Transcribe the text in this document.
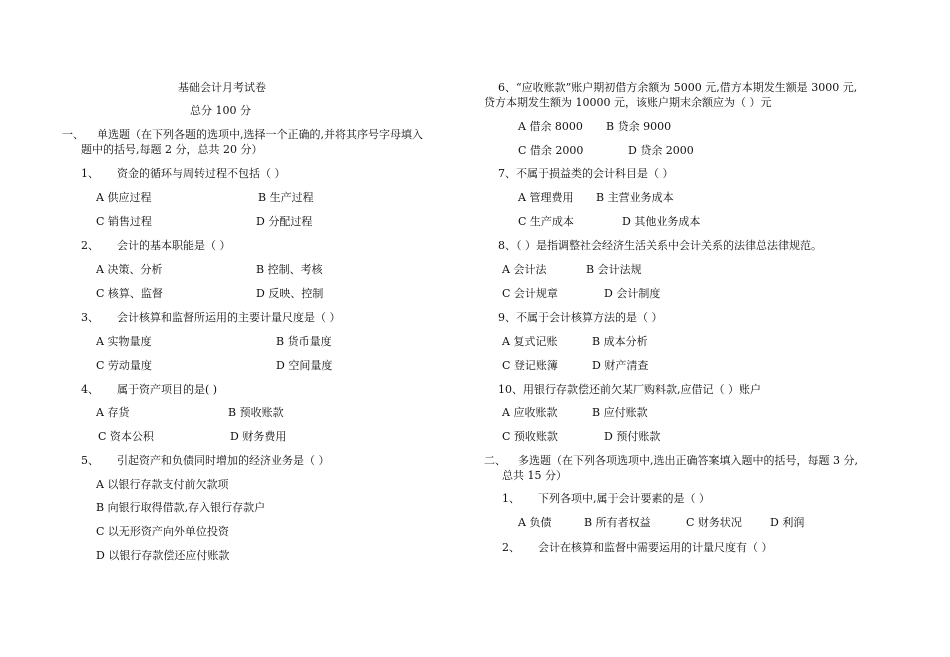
基础会计月考试卷
总分 100 分
一、 单选题（在下列各题的选项中,选择一个正确的,并将其序号字母填入
题中的括号,每题 2 分，总共 20 分）
1、 资金的循环与周转过程不包括（ ）
A 供应过程	B 生产过程
C 销售过程	D 分配过程
2、 会计的基本职能是（ ）
A 决策、分析	B 控制、考核
C 核算、监督	D 反映、控制
3、 会计核算和监督所运用的主要计量尺度是（ ）
A 实物量度	B 货币量度
C 劳动量度	D 空间量度
4、 属于资产项目的是( )
A 存货	B 预收账款
C 资本公积	D 财务费用
5、 引起资产和负债同时增加的经济业务是（ ）
A 以银行存款支付前欠款项
B 向银行取得借款,存入银行存款户
C 以无形资产向外单位投资
D 以银行存款偿还应付账款
6、“应收账款”账户期初借方余额为 5000 元,借方本期发生额是 3000 元,
贷方本期发生额为 10000 元，该账户期末余额应为（ ）元
A 借余 8000 B 贷余 9000
C 借余 2000	D 贷余 2000
7、不属于损益类的会计科目是（ ）
A 管理费用 B 主营业务成本
C 生产成本	D 其他业务成本
8、（ ）是指调整社会经济生活关系中会计关系的法律总法律规范。
A 会计法	B 会计法规
C 会计规章	D 会计制度
9、不属于会计核算方法的是（ ）
A 复式记账	B 成本分析
C 登记账簿	D 财产清查
10、用银行存款偿还前欠某厂购料款,应借记（ ）账户
A 应收账款	B 应付账款
C 预收账款	D 预付账款
二、 多选题（在下列各项选项中,选出正确答案填入题中的括号，每题 3 分,
总共 15 分）
1、 下列各项中,属于会计要素的是（ ）
A 负债	B 所有者权益	C 财务状况	D 利润
2、 会计在核算和监督中需要运用的计量尺度有（ ）
